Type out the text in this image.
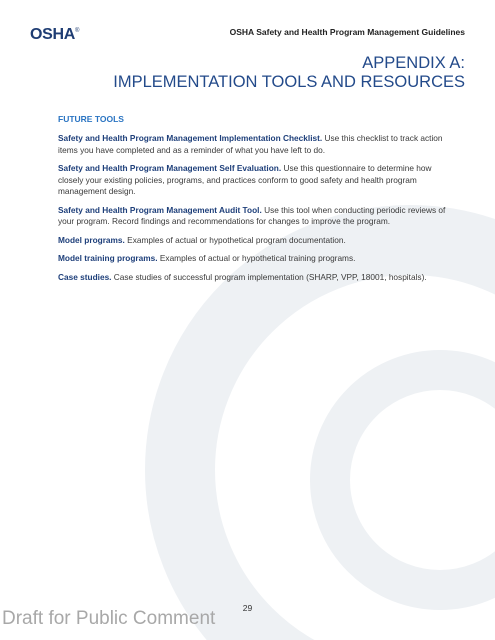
OSHA®	OSHA Safety and Health Program Management Guidelines
APPENDIX A:
IMPLEMENTATION TOOLS AND RESOURCES
FUTURE TOOLS

Safety and Health Program Management Implementation Checklist. Use this checklist to track action items you have completed and as a reminder of what you have left to do.

Safety and Health Program Management Self Evaluation. Use this questionnaire to determine how closely your existing policies, programs, and practices conform to good safety and health program management design.

Safety and Health Program Management Audit Tool. Use this tool when conducting periodic reviews of your program. Record findings and recommendations for changes to improve the program.

Model programs. Examples of actual or hypothetical program documentation.

Model training programs. Examples of actual or hypothetical training programs.

Case studies. Case studies of successful program implementation (SHARP, VPP, 18001, hospitals).

29
Draft for Public Comment
